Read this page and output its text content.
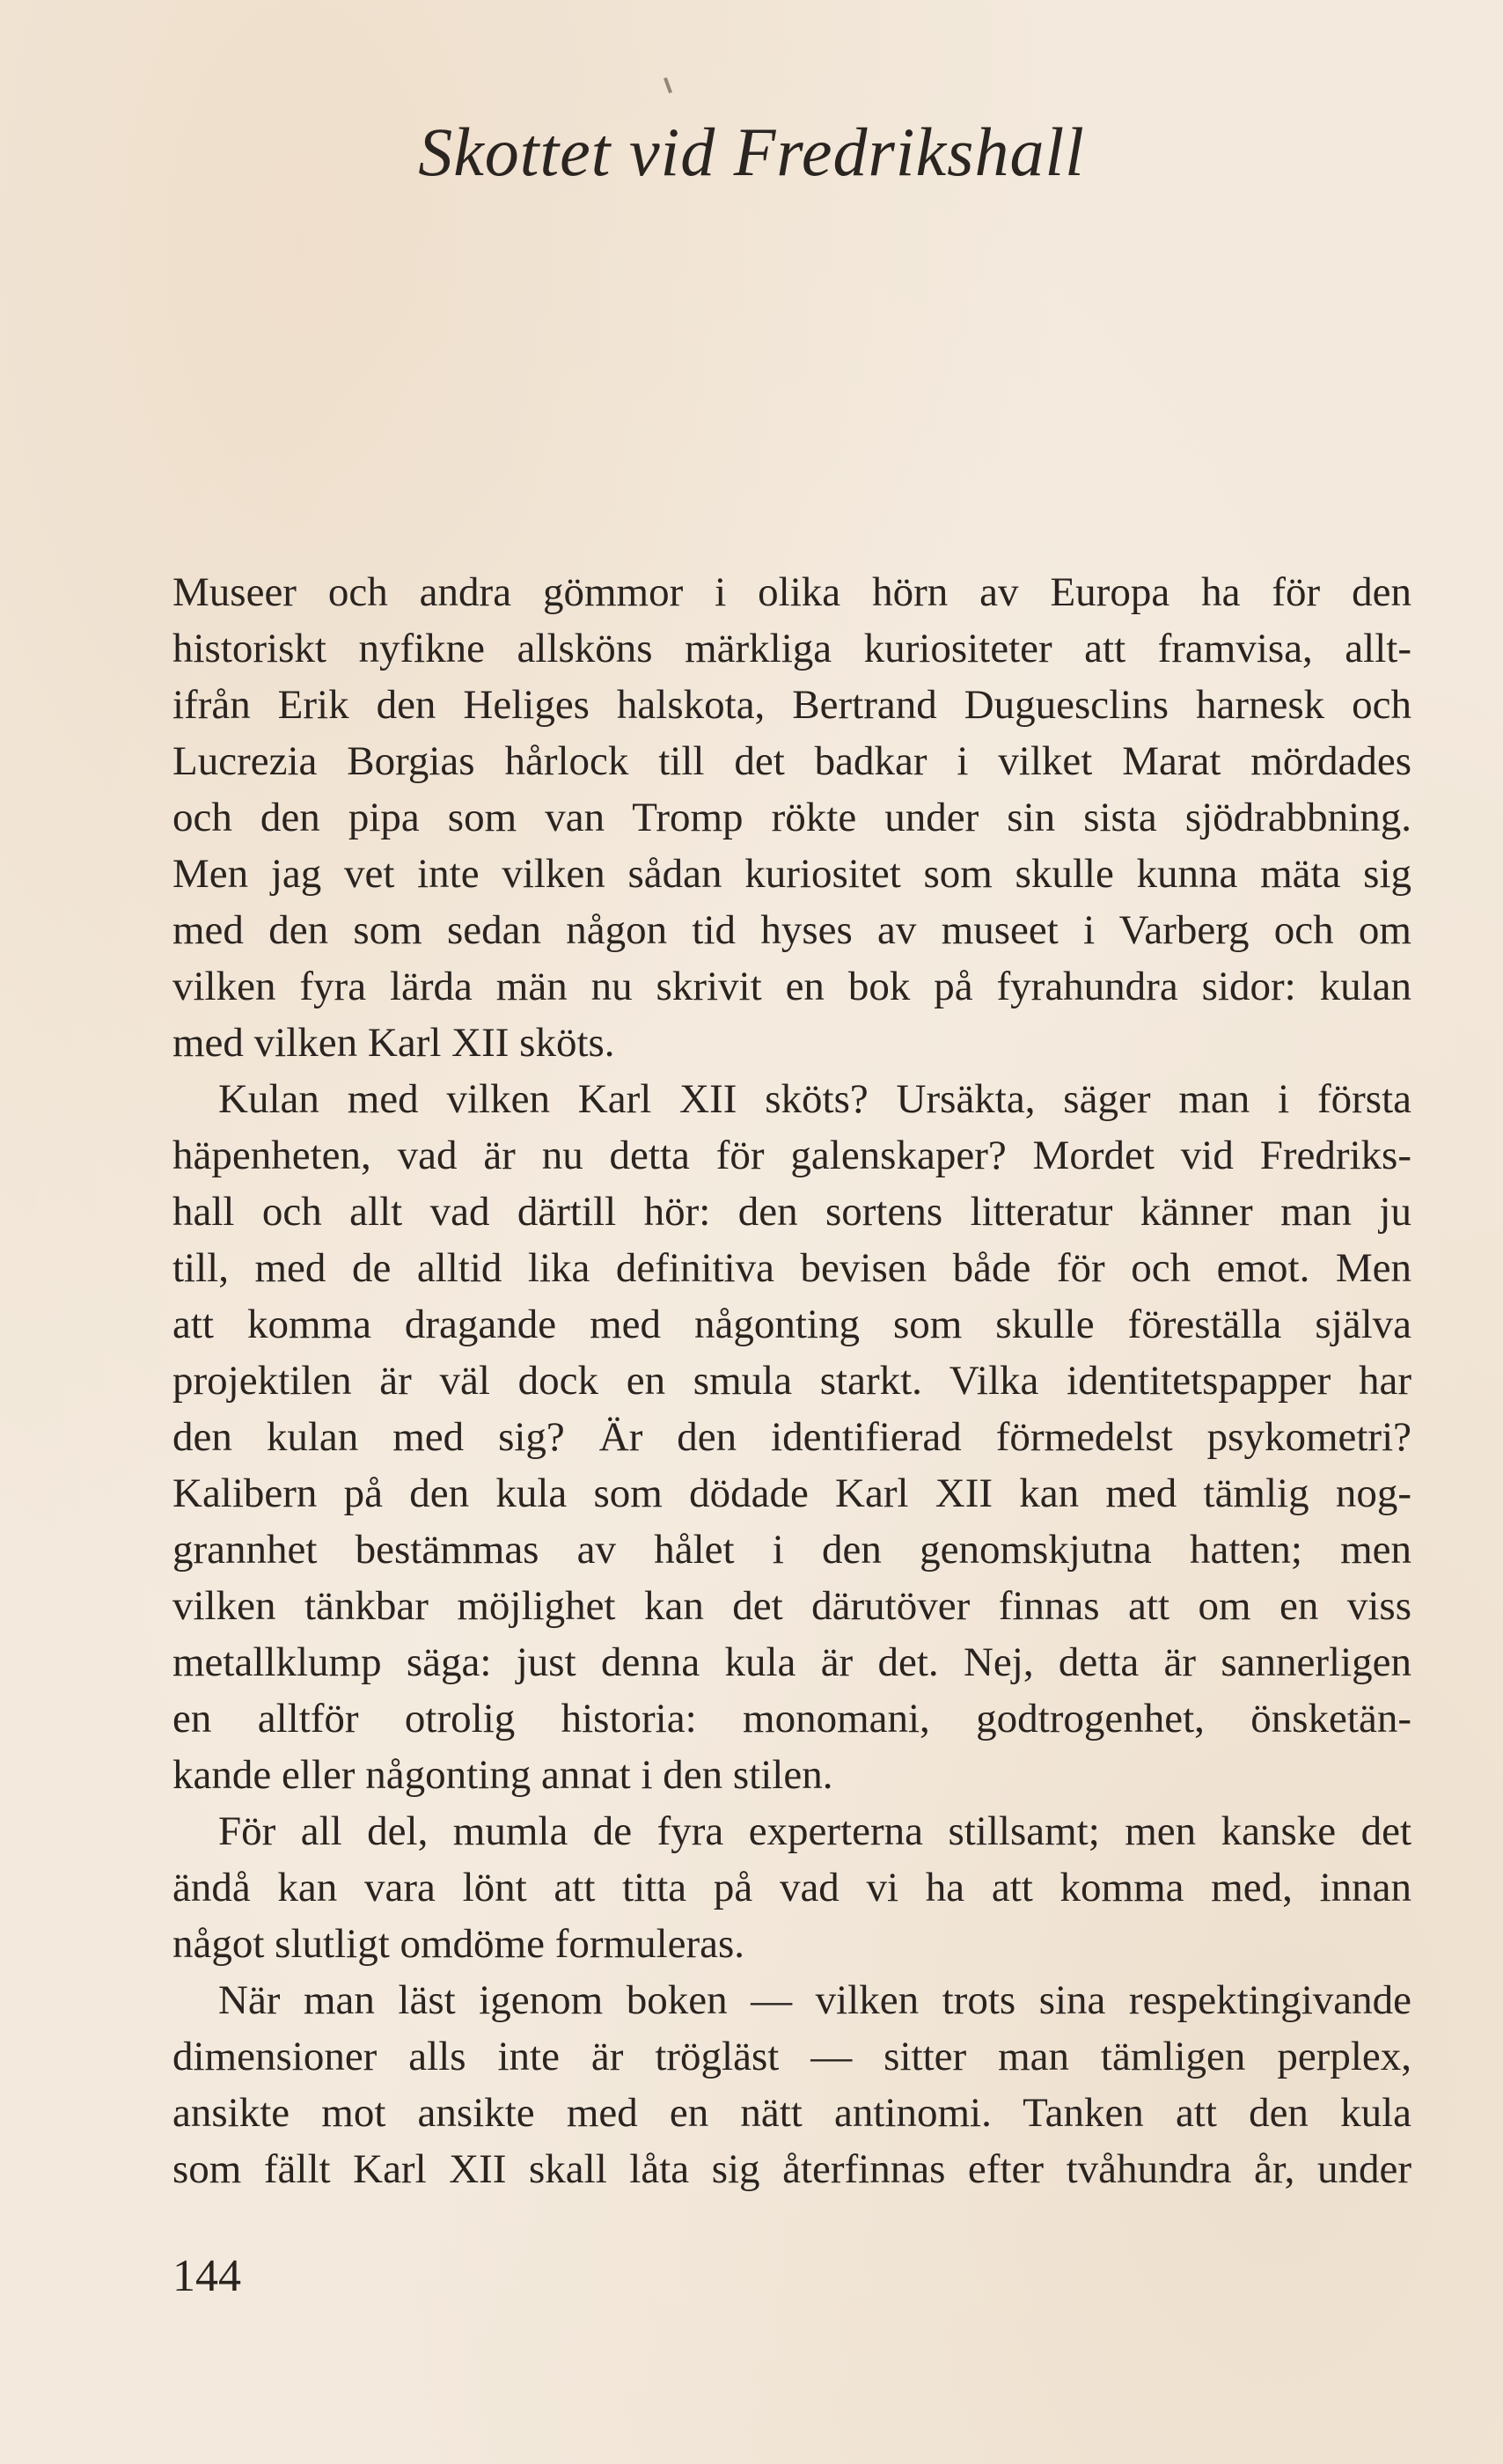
Skottet vid Fredrikshall
Museer och andra gömmor i olika hörn av Europa ha för den
historiskt nyfikne allsköns märkliga kuriositeter att framvisa, allt-
ifrån Erik den Heliges halskota, Bertrand Duguesclins harnesk och
Lucrezia Borgias hårlock till det badkar i vilket Marat mördades
och den pipa som van Tromp rökte under sin sista sjödrabbning.
Men jag vet inte vilken sådan kuriositet som skulle kunna mäta sig
med den som sedan någon tid hyses av museet i Varberg och om
vilken fyra lärda män nu skrivit en bok på fyrahundra sidor: kulan
med vilken Karl XII sköts.
Kulan med vilken Karl XII sköts? Ursäkta, säger man i första
häpenheten, vad är nu detta för galenskaper? Mordet vid Fredriks-
hall och allt vad därtill hör: den sortens litteratur känner man ju
till, med de alltid lika definitiva bevisen både för och emot. Men
att komma dragande med någonting som skulle föreställa själva
projektilen är väl dock en smula starkt. Vilka identitetspapper har
den kulan med sig? Är den identifierad förmedelst psykometri?
Kalibern på den kula som dödade Karl XII kan med tämlig nog-
grannhet bestämmas av hålet i den genomskjutna hatten; men
vilken tänkbar möjlighet kan det därutöver finnas att om en viss
metallklump säga: just denna kula är det. Nej, detta är sannerligen
en alltför otrolig historia: monomani, godtrogenhet, önsketän-
kande eller någonting annat i den stilen.
För all del, mumla de fyra experterna stillsamt; men kanske det
ändå kan vara lönt att titta på vad vi ha att komma med, innan
något slutligt omdöme formuleras.
När man läst igenom boken — vilken trots sina respektingivande
dimensioner alls inte är trögläst — sitter man tämligen perplex,
ansikte mot ansikte med en nätt antinomi. Tanken att den kula
som fällt Karl XII skall låta sig återfinnas efter tvåhundra år, under
144
